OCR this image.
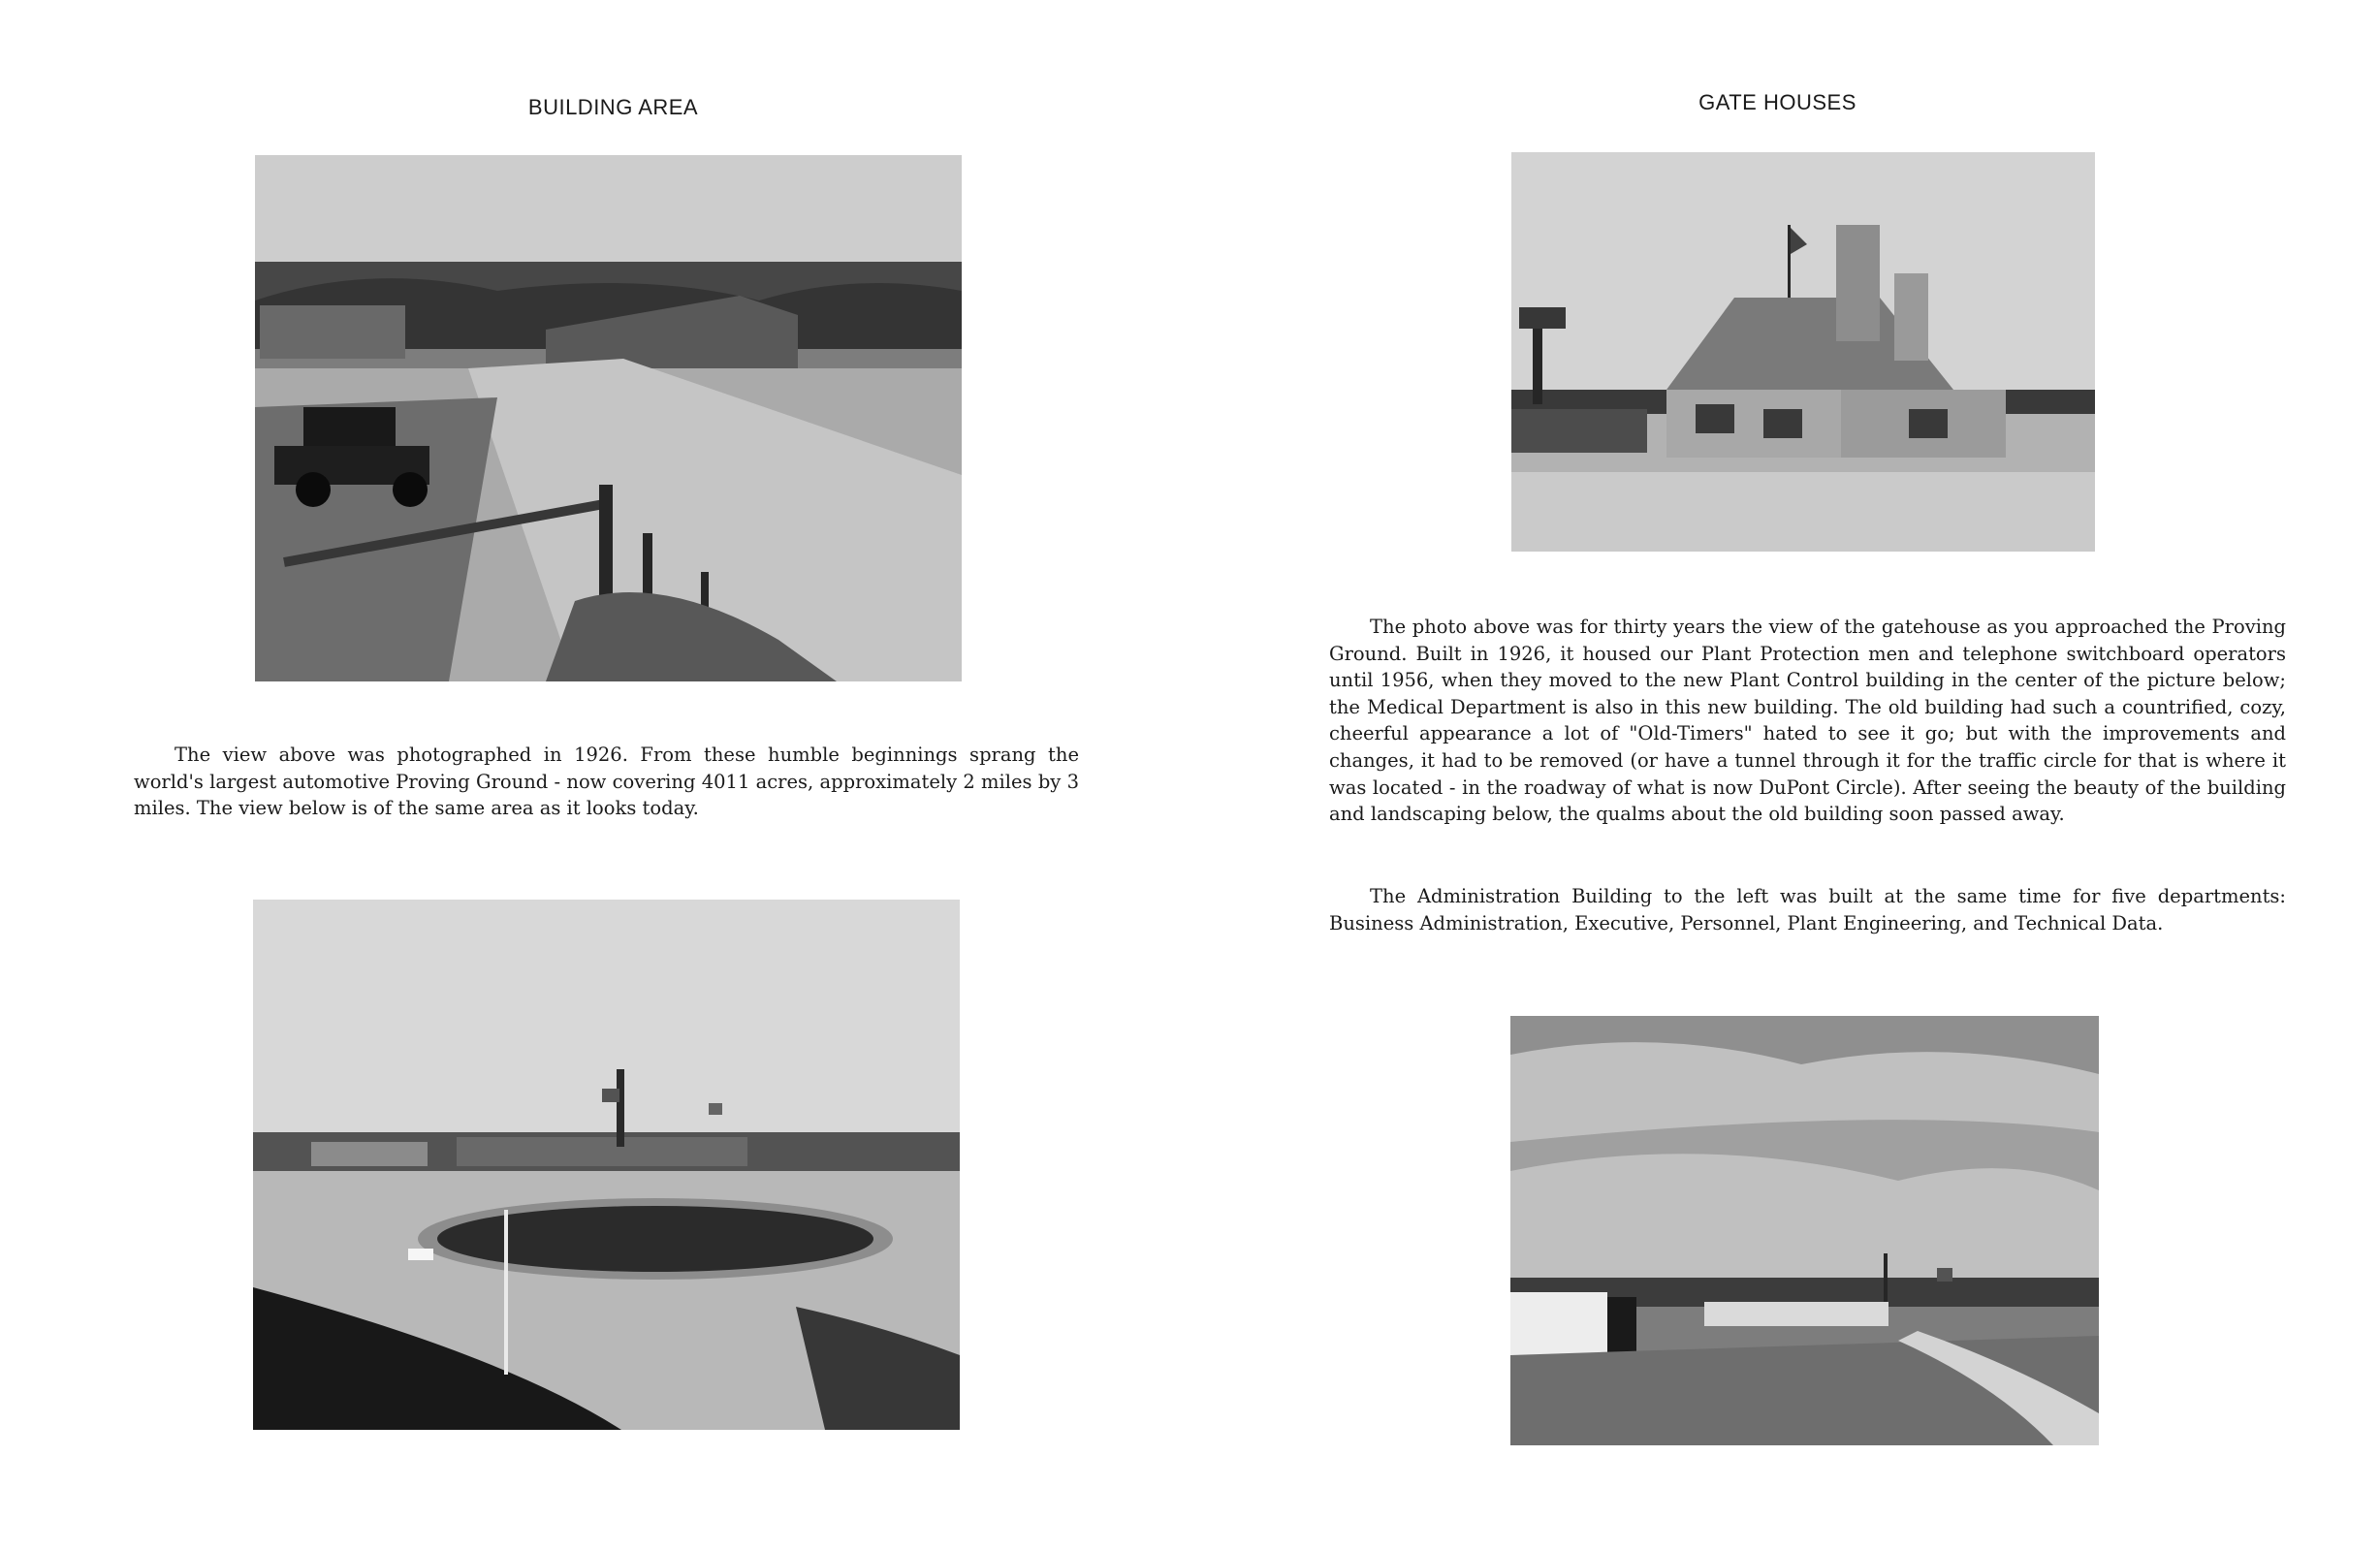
BUILDING AREA

The view above was photographed in 1926. From these humble beginnings sprang the world's largest automotive Proving Ground - now covering 4011 acres, approximately 2 miles by 3 miles. The view below is of the same area as it looks today.

GATE HOUSES

The photo above was for thirty years the view of the gatehouse as you approached the Proving Ground. Built in 1926, it housed our Plant Protection men and telephone switchboard operators until 1956, when they moved to the new Plant Control building in the center of the picture below; the Medical Department is also in this new building. The old building had such a countrified, cozy, cheerful appearance a lot of "Old-Timers" hated to see it go; but with the improvements and changes, it had to be removed (or have a tunnel through it for the traffic circle for that is where it was located - in the roadway of what is now DuPont Circle). After seeing the beauty of the building and landscaping below, the qualms about the old building soon passed away.

The Administration Building to the left was built at the same time for five departments: Business Administration, Executive, Personnel, Plant Engineering, and Technical Data.
